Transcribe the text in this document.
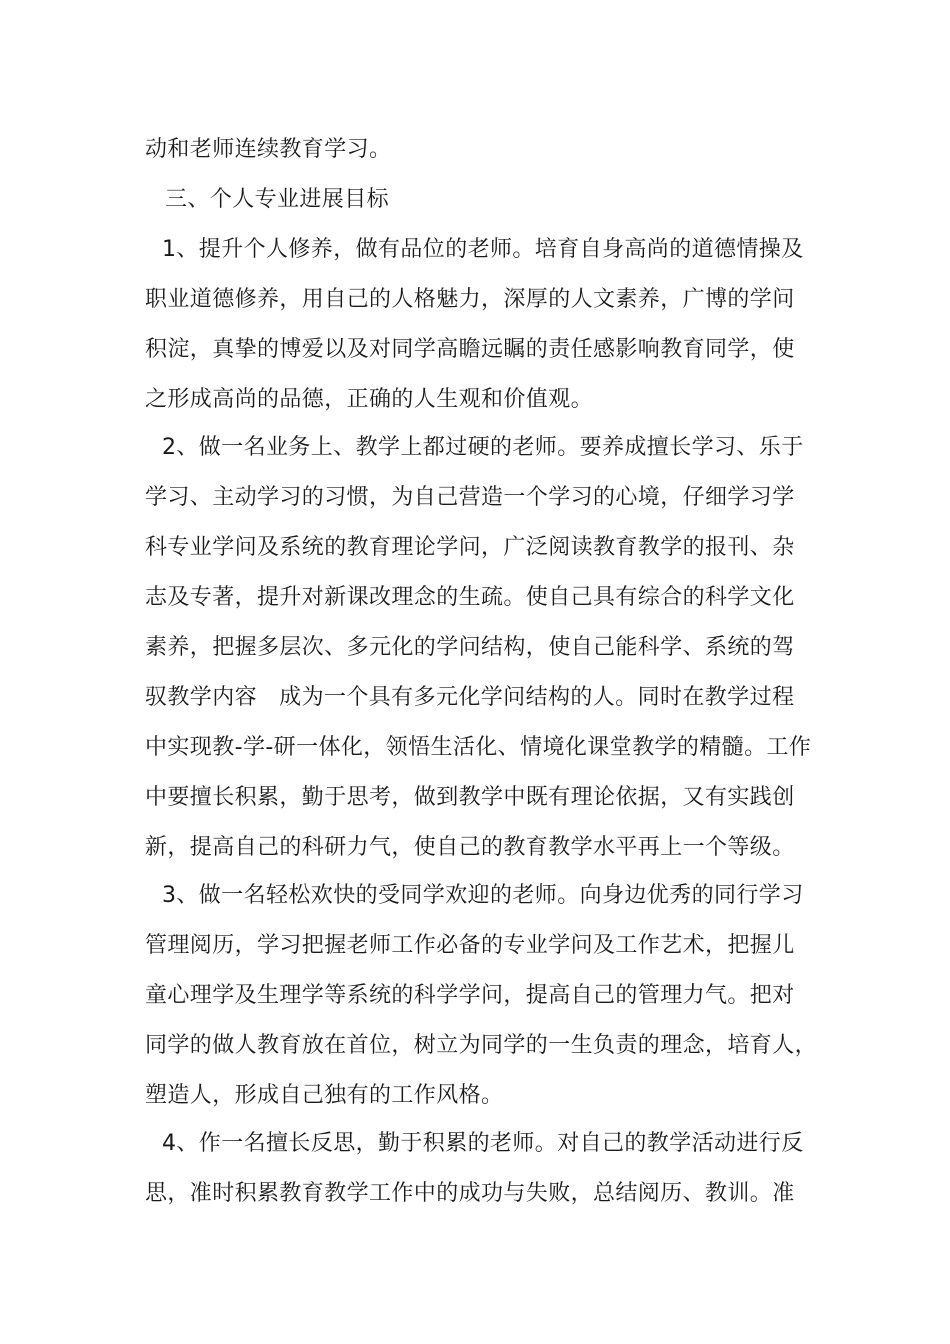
动和老师连续教育学习。
三、个人专业进展目标
1、提升个人修养，做有品位的老师。培育自身高尚的道德情操及
职业道德修养，用自己的人格魅力，深厚的人文素养，广博的学问
积淀，真挚的博爱以及对同学高瞻远瞩的责任感影响教育同学，使
之形成高尚的品德，正确的人生观和价值观。
2、做一名业务上、教学上都过硬的老师。要养成擅长学习、乐于
学习、主动学习的习惯，为自己营造一个学习的心境，仔细学习学
科专业学问及系统的教育理论学问，广泛阅读教育教学的报刊、杂
志及专著，提升对新课改理念的生疏。使自己具有综合的科学文化
素养，把握多层次、多元化的学问结构，使自己能科学、系统的驾
驭教学内容   成为一个具有多元化学问结构的人。同时在教学过程
中实现教-学-研一体化，领悟生活化、情境化课堂教学的精髓。工作
中要擅长积累，勤于思考，做到教学中既有理论依据，又有实践创
新，提高自己的科研力气，使自己的教育教学水平再上一个等级。
3、做一名轻松欢快的受同学欢迎的老师。向身边优秀的同行学习
管理阅历，学习把握老师工作必备的专业学问及工作艺术，把握儿
童心理学及生理学等系统的科学学问，提高自己的管理力气。把对
同学的做人教育放在首位，树立为同学的一生负责的理念，培育人，
塑造人，形成自己独有的工作风格。
4、作一名擅长反思，勤于积累的老师。对自己的教学活动进行反
思，准时积累教育教学工作中的成功与失败，总结阅历、教训。准
